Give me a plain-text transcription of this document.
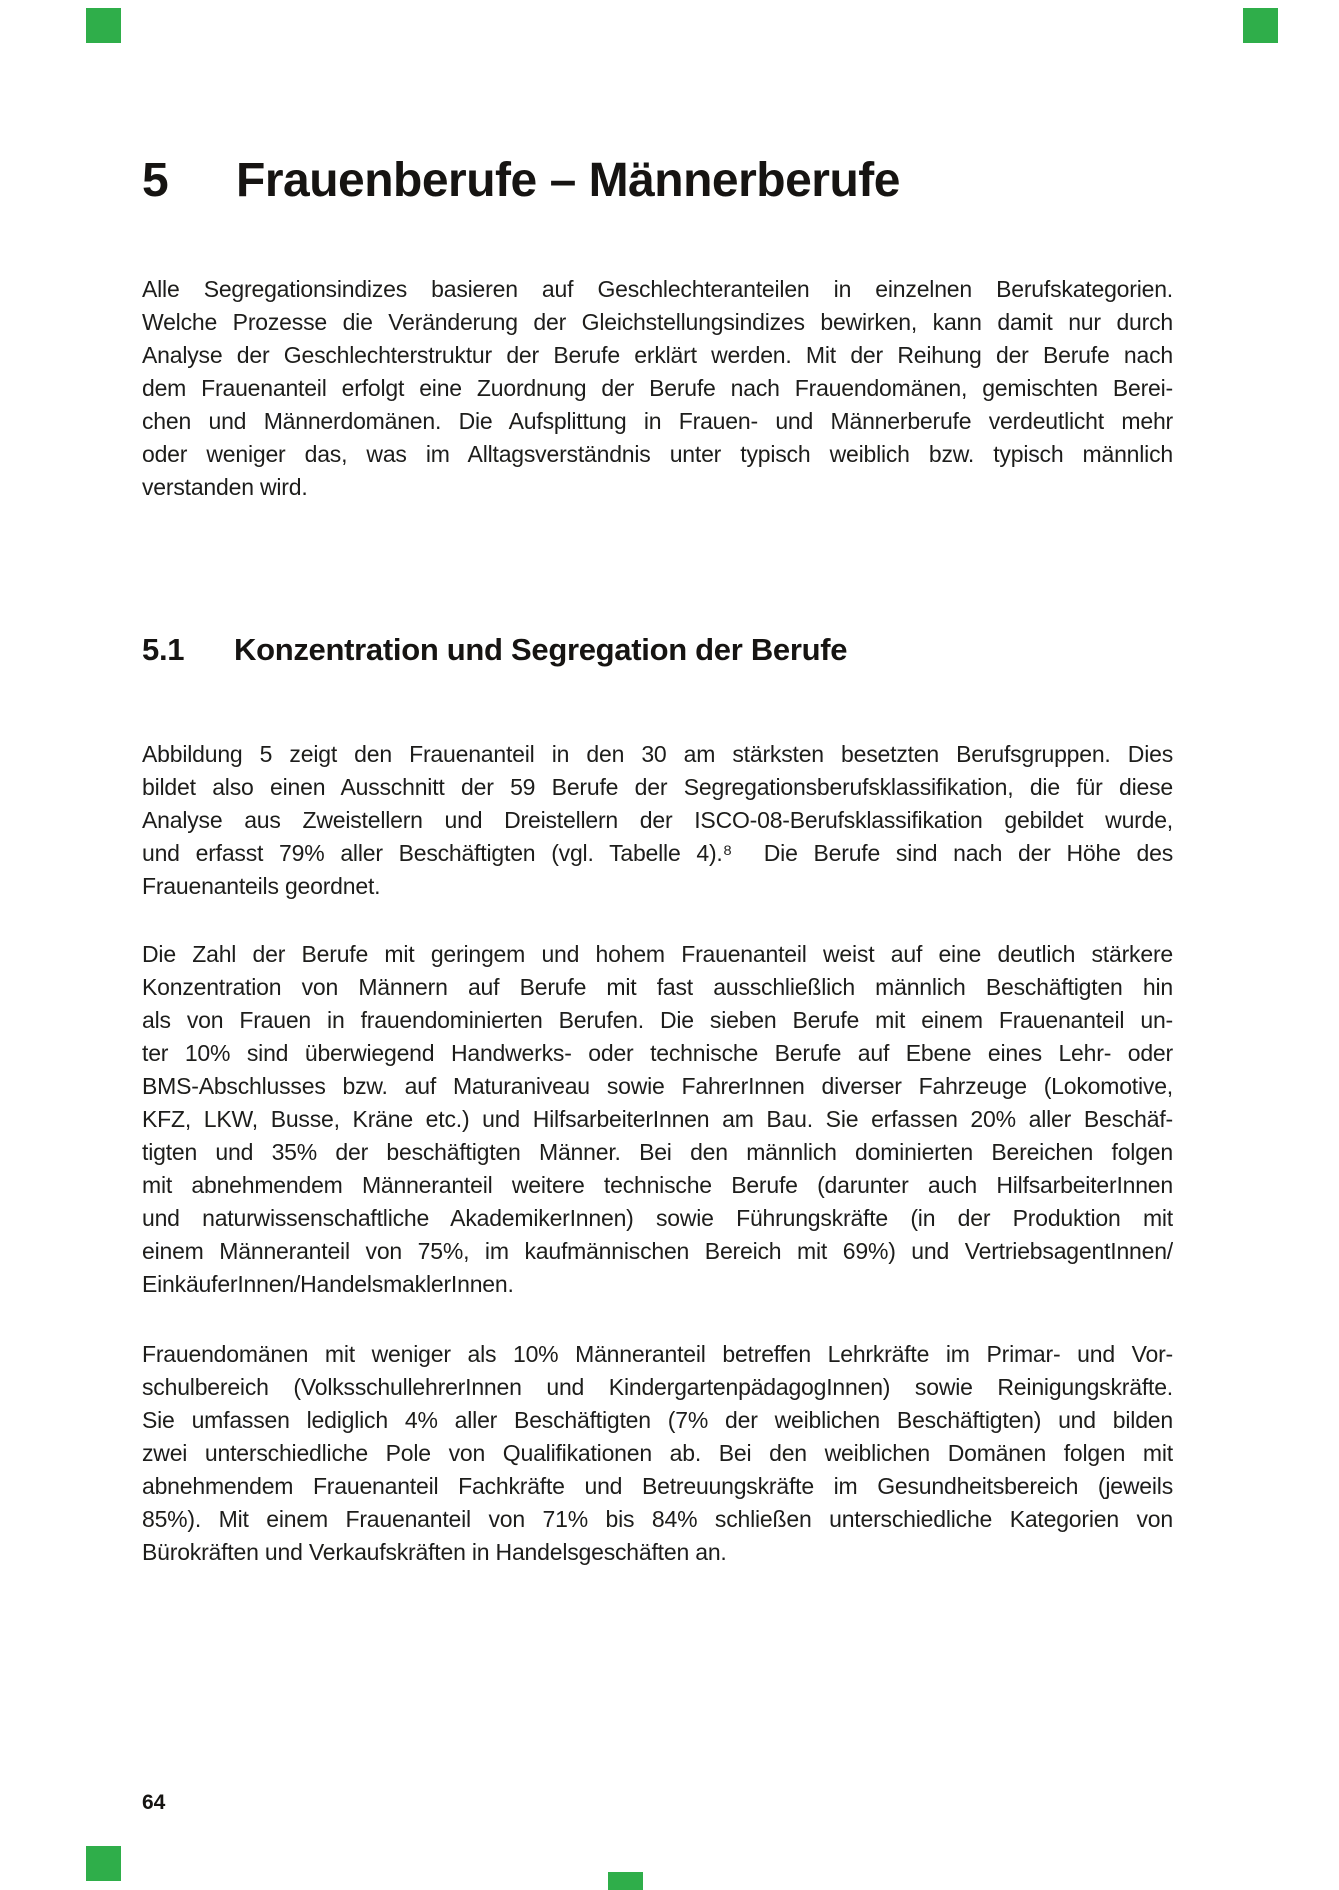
5 Frauenberufe – Männerberufe
Alle Segregationsindizes basieren auf Geschlechteranteilen in einzelnen Berufskategorien.
Welche Prozesse die Veränderung der Gleichstellungsindizes bewirken, kann damit nur durch
Analyse der Geschlechterstruktur der Berufe erklärt werden. Mit der Reihung der Berufe nach
dem Frauenanteil erfolgt eine Zuordnung der Berufe nach Frauendomänen, gemischten Berei-
chen und Männerdomänen. Die Aufsplittung in Frauen- und Männerberufe verdeutlicht mehr
oder weniger das, was im Alltagsverständnis unter typisch weiblich bzw. typisch männlich
verstanden wird.
5.1 Konzentration und Segregation der Berufe
Abbildung 5 zeigt den Frauenanteil in den 30 am stärksten besetzten Berufsgruppen. Dies
bildet also einen Ausschnitt der 59 Berufe der Segregationsberufsklassifikation, die für diese
Analyse aus Zweistellern und Dreistellern der ISCO-08-Berufsklassifikation gebildet wurde,
und erfasst 79% aller Beschäftigten (vgl. Tabelle 4).⁸  Die Berufe sind nach der Höhe des
Frauenanteils geordnet.
Die Zahl der Berufe mit geringem und hohem Frauenanteil weist auf eine deutlich stärkere
Konzentration von Männern auf Berufe mit fast ausschließlich männlich Beschäftigten hin
als von Frauen in frauendominierten Berufen. Die sieben Berufe mit einem Frauenanteil un-
ter 10% sind überwiegend Handwerks- oder technische Berufe auf Ebene eines Lehr- oder
BMS-Abschlusses bzw. auf Maturaniveau sowie FahrerInnen diverser Fahrzeuge (Lokomotive,
KFZ, LKW, Busse, Kräne etc.) und HilfsarbeiterInnen am Bau. Sie erfassen 20% aller Beschäf-
tigten und 35% der beschäftigten Männer. Bei den männlich dominierten Bereichen folgen
mit abnehmendem Männeranteil weitere technische Berufe (darunter auch HilfsarbeiterInnen
und naturwissenschaftliche AkademikerInnen) sowie Führungskräfte (in der Produktion mit
einem Männeranteil von 75%, im kaufmännischen Bereich mit 69%) und VertriebsagentInnen/
EinkäuferInnen/HandelsmaklerInnen.
Frauendomänen mit weniger als 10% Männeranteil betreffen Lehrkräfte im Primar- und Vor-
schulbereich (VolksschullehrerInnen und KindergartenpädagogInnen) sowie Reinigungskräfte.
Sie umfassen lediglich 4% aller Beschäftigten (7% der weiblichen Beschäftigten) und bilden
zwei unterschiedliche Pole von Qualifikationen ab. Bei den weiblichen Domänen folgen mit
abnehmendem Frauenanteil Fachkräfte und Betreuungskräfte im Gesundheitsbereich (jeweils
85%). Mit einem Frauenanteil von 71% bis 84% schließen unterschiedliche Kategorien von
Bürokräften und Verkaufskräften in Handelsgeschäften an.
64
